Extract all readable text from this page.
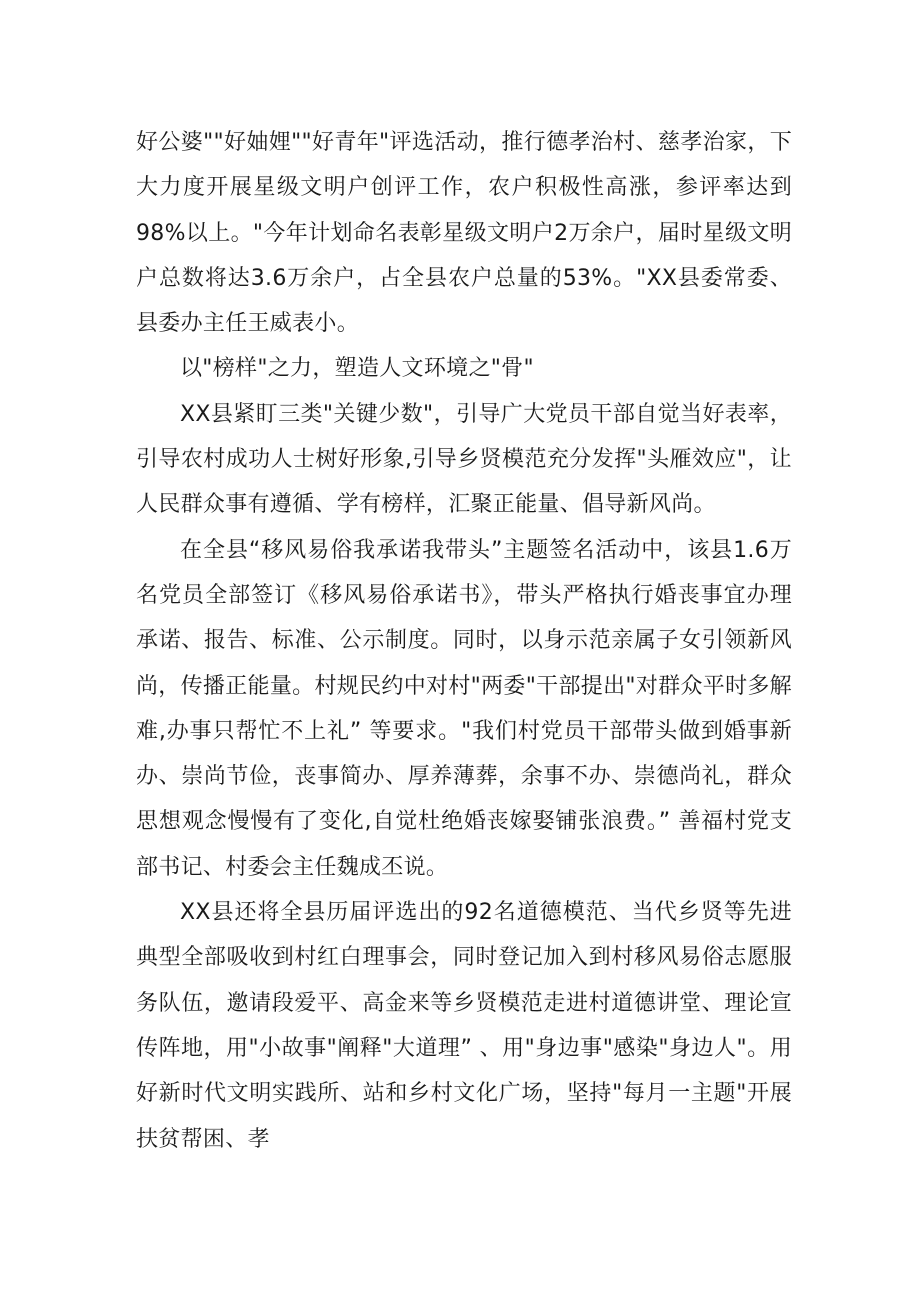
好公婆""好妯娌""好青年"评选活动，推行德孝治村、慈孝治家，下大力度开展星级文明户创评工作，农户积极性高涨，参评率达到98%以上。"今年计划命名表彰星级文明户2万余户，届时星级文明户总数将达3.6万余户，占全县农户总量的53%。"XX县委常委、县委办主任王威表小。

以"榜样"之力，塑造人文环境之"骨"

XX县紧盯三类"关键少数"，引导广大党员干部自觉当好表率，引导农村成功人士树好形象,引导乡贤模范充分发挥"头雁效应"，让人民群众事有遵循、学有榜样，汇聚正能量、倡导新风尚。

在全县“移风易俗我承诺我带头”主题签名活动中，该县1.6万名党员全部签订《移风易俗承诺书》，带头严格执行婚丧事宜办理承诺、报告、标准、公示制度。同时，以身示范亲属子女引领新风尚，传播正能量。村规民约中对村"两委"干部提出"对群众平时多解难,办事只帮忙不上礼” 等要求。"我们村党员干部带头做到婚事新办、崇尚节俭，丧事简办、厚养薄葬，余事不办、崇德尚礼，群众思想观念慢慢有了变化,自觉杜绝婚丧嫁娶铺张浪费。” 善福村党支部书记、村委会主任魏成丕说。

XX县还将全县历届评选出的92名道德模范、当代乡贤等先进典型全部吸收到村红白理事会，同时登记加入到村移风易俗志愿服务队伍，邀请段爱平、高金来等乡贤模范走进村道德讲堂、理论宣传阵地，用"小故事"阐释"大道理” 、用"身边事"感染"身边人"。用好新时代文明实践所、站和乡村文化广场，坚持"每月一主题"开展扶贫帮困、孝
